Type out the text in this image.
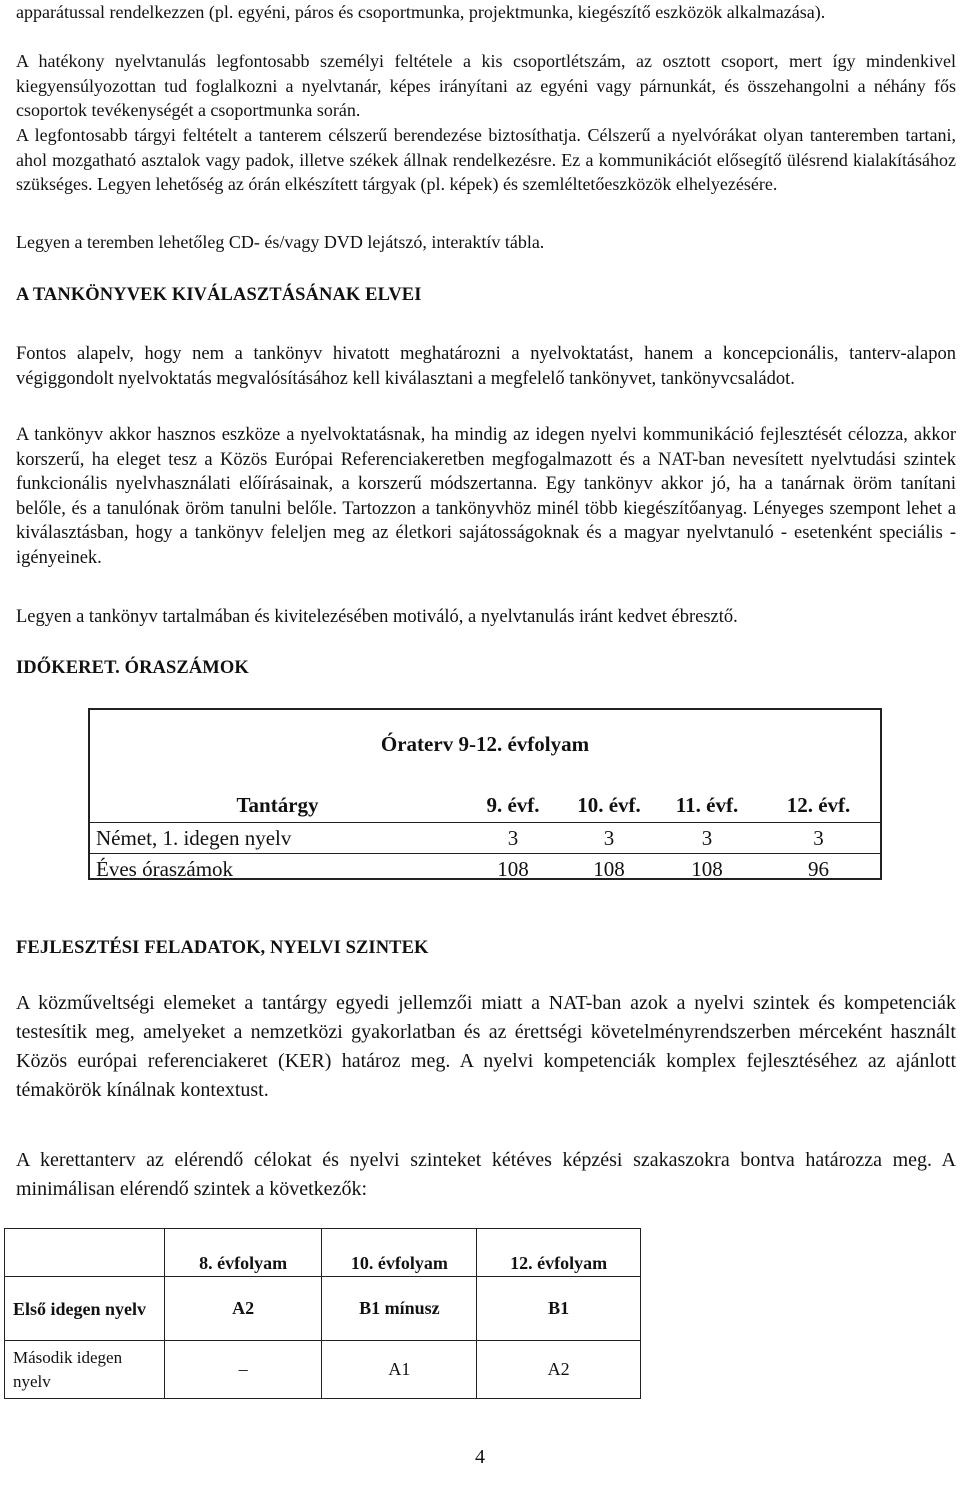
apparátussal rendelkezzen (pl. egyéni, páros és csoportmunka, projektmunka, kiegészítő eszközök alkalmazása).

A hatékony nyelvtanulás legfontosabb személyi feltétele a kis csoportlétszám, az osztott csoport, mert így mindenkivel kiegyensúlyozottan tud foglalkozni a nyelvtanár, képes irányítani az egyéni vagy párnunkát, és összehangolni a néhány fős csoportok tevékenységét a csoportmunka során.

A legfontosabb tárgyi feltételt a tanterem célszerű berendezése biztosíthatja. Célszerű a nyelvórákat olyan tanteremben tartani, ahol mozgatható asztalok vagy padok, illetve székek állnak rendelkezésre. Ez a kommunikációt elősegítő ülésrend kialakításához szükséges. Legyen lehetőség az órán elkészített tárgyak (pl. képek) és szemléltetőeszközök elhelyezésére.

Legyen a teremben lehetőleg CD- és/vagy DVD lejátszó, interaktív tábla.

A TANKÖNYVEK KIVÁLASZTÁSÁNAK ELVEI

Fontos alapelv, hogy nem a tankönyv hivatott meghatározni a nyelvoktatást, hanem a koncepcionális, tanterv-alapon végiggondolt nyelvoktatás megvalósításához kell kiválasztani a megfelelő tankönyvet, tankönyvcsaládot.

A tankönyv akkor hasznos eszköze a nyelvoktatásnak, ha mindig az idegen nyelvi kommunikáció fejlesztését célozza, akkor korszerű, ha eleget tesz a Közös Európai Referenciakeretben megfogalmazott és a NAT-ban nevesített nyelvtudási szintek funkcionális nyelvhasználati előírásainak, a korszerű módszertanna. Egy tankönyv akkor jó, ha a tanárnak öröm tanítani belőle, és a tanulónak öröm tanulni belőle. Tartozzon a tankönyvhöz minél több kiegészítőanyag. Lényeges szempont lehet a kiválasztásban, hogy a tankönyv feleljen meg az életkori sajátosságoknak és a magyar nyelvtanuló - esetenként speciális - igényeinek.

Legyen a tankönyv tartalmában és kivitelezésében motiváló, a nyelvtanulás iránt kedvet ébresztő.

IDŐKERET. ÓRASZÁMOK
Óraterv 9-12. évfolyam
Tantárgy	9. évf.	10. évf.	11. évf.	12. évf.
Német, 1. idegen nyelv	3	3	3	3
Éves óraszámok	108	108	108	96
FEJLESZTÉSI FELADATOK, NYELVI SZINTEK

A közműveltségi elemeket a tantárgy egyedi jellemzői miatt a NAT-ban azok a nyelvi szintek és kompetenciák testesítik meg, amelyeket a nemzetközi gyakorlatban és az érettségi követelményrendszerben mérceként használt Közös európai referenciakeret (KER) határoz meg. A nyelvi kompetenciák komplex fejlesztéséhez az ajánlott témakörök kínálnak kontextust.

A kerettanterv az elérendő célokat és nyelvi szinteket kétéves képzési szakaszokra bontva határozza meg. A minimálisan elérendő szintek a következők:

	8. évfolyam	10. évfolyam	12. évfolyam
Első idegen nyelv	A2	B1 mínusz	B1
Második idegen nyelv	–	A1	A2
4
